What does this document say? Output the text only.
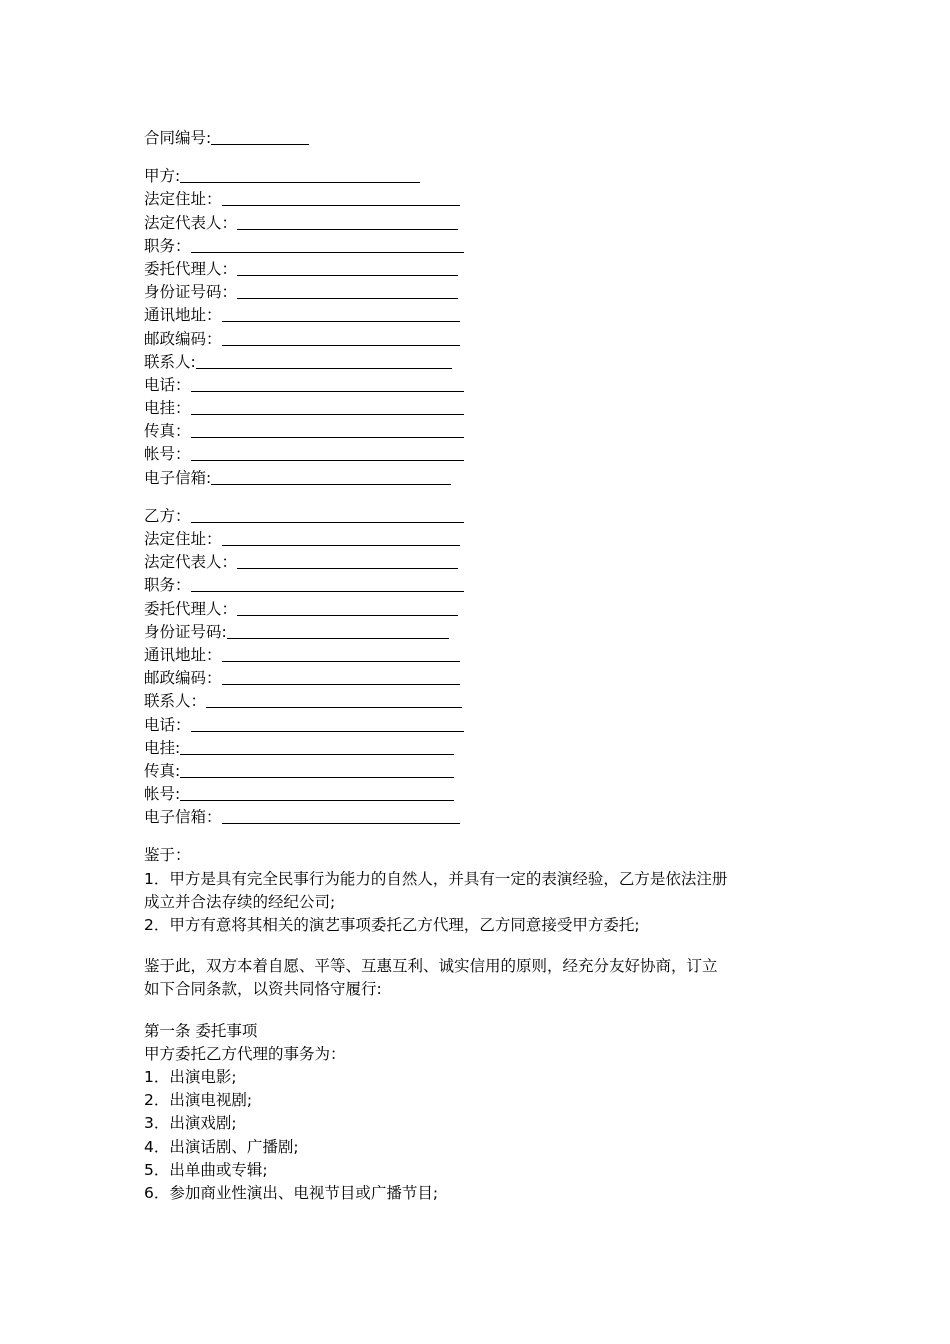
合同编号:
甲方:
法定住址：
法定代表人：
职务：
委托代理人：
身份证号码：
通讯地址：
邮政编码：
联系人:
电话：
电挂：
传真：
帐号：
电子信箱:
乙方：
法定住址：
法定代表人：
职务：
委托代理人：
身份证号码:
通讯地址：
邮政编码：
联系人：
电话：
电挂:
传真:
帐号:
电子信箱：
鉴于：
1．甲方是具有完全民事行为能力的自然人，并具有一定的表演经验，乙方是依法注册
成立并合法存续的经纪公司;
2．甲方有意将其相关的演艺事项委托乙方代理，乙方同意接受甲方委托;
鉴于此，双方本着自愿、平等、互惠互利、诚实信用的原则，经充分友好协商，订立
如下合同条款，以资共同恪守履行:
第一条 委托事项
甲方委托乙方代理的事务为：
1．出演电影;
2．出演电视剧;
3．出演戏剧;
4．出演话剧、广播剧;
5．出单曲或专辑;
6．参加商业性演出、电视节目或广播节目;
